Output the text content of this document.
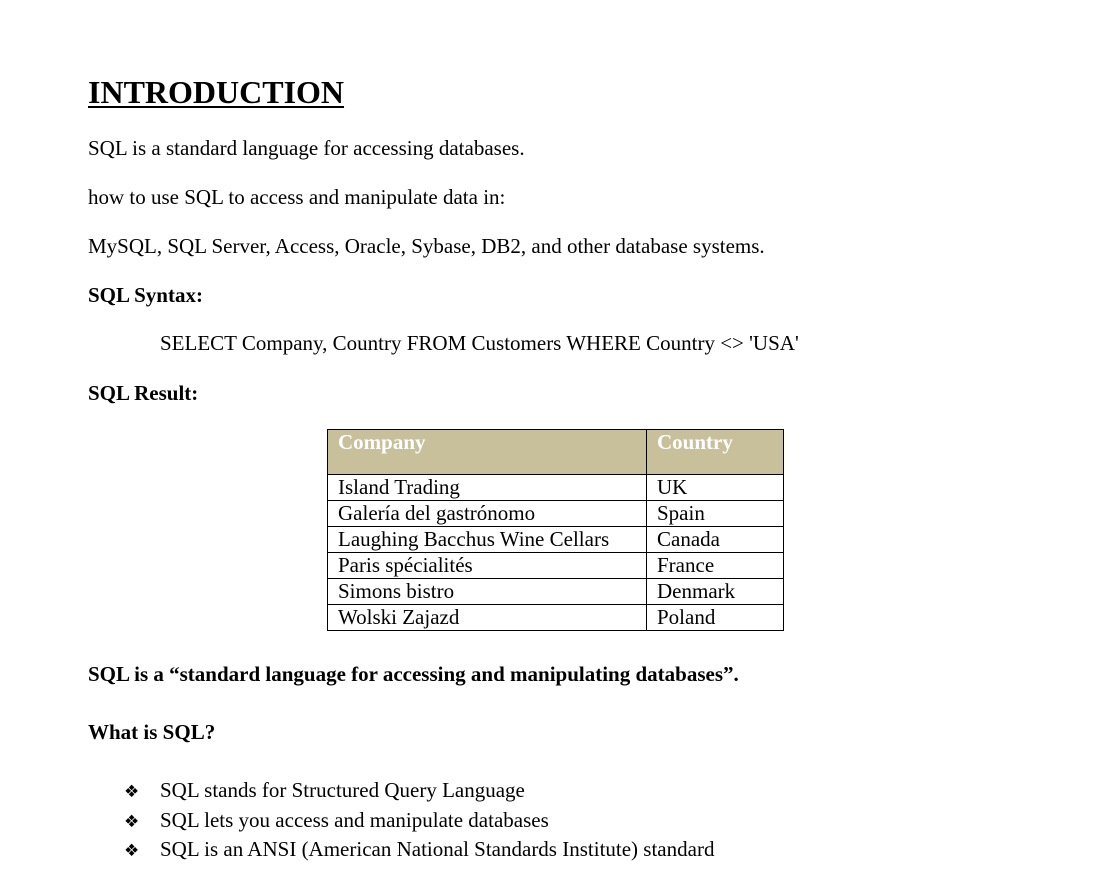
INTRODUCTION
SQL is a standard language for accessing databases.
how to use SQL to access and manipulate data in:
MySQL, SQL Server, Access, Oracle, Sybase, DB2, and other database systems.
SQL Syntax:
SELECT Company, Country FROM Customers WHERE Country <> 'USA'
SQL Result:
Company	Country
Island Trading	UK
Galería del gastrónomo	Spain
Laughing Bacchus Wine Cellars	Canada
Paris spécialités	France
Simons bistro	Denmark
Wolski Zajazd	Poland
SQL is a “standard language for accessing and manipulating databases”.
What is SQL?
❖ SQL stands for Structured Query Language
❖ SQL lets you access and manipulate databases
❖ SQL is an ANSI (American National Standards Institute) standard
